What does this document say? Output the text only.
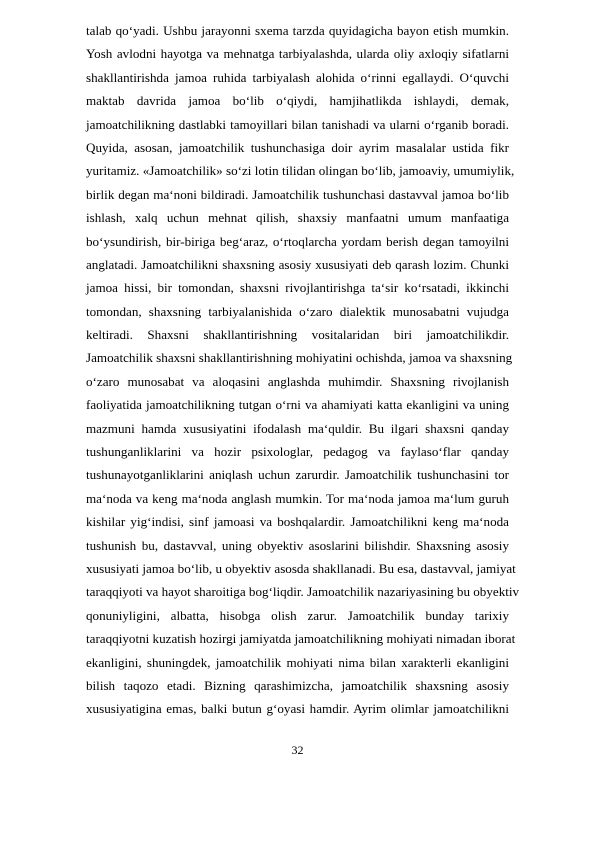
talab qo‘yadi. Ushbu jarayonni sxema tarzda quyidagicha bayon etish mumkin.
Yosh avlodni hayotga va mehnatga tarbiyalashda, ularda oliy axloqiy sifatlarni
shakllantirishda jamoa ruhida tarbiyalash alohida o‘rinni egallaydi. O‘quvchi
maktab davrida jamoa bo‘lib o‘qiydi, hamjihatlikda ishlaydi, demak,
jamoatchilikning dastlabki tamoyillari bilan tanishadi va ularni o‘rganib boradi.
Quyida, asosan, jamoatchilik tushunchasiga doir ayrim masalalar ustida fikr
yuritamiz. «Jamoatchilik» so‘zi lotin tilidan olingan bo‘lib, jamoaviy, umumiylik,
birlik degan ma‘noni bildiradi. Jamoatchilik tushunchasi dastavval jamoa bo‘lib
ishlash, xalq uchun mehnat qilish, shaxsiy manfaatni umum manfaatiga
bo‘ysundirish, bir-biriga beg‘araz, o‘rtoqlarcha yordam berish degan tamoyilni
anglatadi. Jamoatchilikni shaxsning asosiy xususiyati deb qarash lozim. Chunki
jamoa hissi, bir tomondan, shaxsni rivojlantirishga ta‘sir ko‘rsatadi, ikkinchi
tomondan, shaxsning tarbiyalanishida o‘zaro dialektik munosabatni vujudga
keltiradi. Shaxsni shakllantirishning vositalaridan biri jamoatchilikdir.
Jamoatchilik shaxsni shakllantirishning mohiyatini ochishda, jamoa va shaxsning
o‘zaro munosabat va aloqasini anglashda muhimdir. Shaxsning rivojlanish
faoliyatida jamoatchilikning tutgan o‘rni va ahamiyati katta ekanligini va uning
mazmuni hamda xususiyatini ifodalash ma‘quldir. Bu ilgari shaxsni qanday
tushunganliklarini va hozir psixologlar, pedagog va faylaso‘flar qanday
tushunayotganliklarini aniqlash uchun zarurdir. Jamoatchilik tushunchasini tor
ma‘noda va keng ma‘noda anglash mumkin. Tor ma‘noda jamoa ma‘lum guruh
kishilar yig‘indisi, sinf jamoasi va boshqalardir. Jamoatchilikni keng ma‘noda
tushunish bu, dastavval, uning obyektiv asoslarini bilishdir. Shaxsning asosiy
xususiyati jamoa bo‘lib, u obyektiv asosda shakllanadi. Bu esa, dastavval, jamiyat
taraqqiyoti va hayot sharoitiga bog‘liqdir. Jamoatchilik nazariyasining bu obyektiv
qonuniyligini, albatta, hisobga olish zarur. Jamoatchilik bunday tarixiy
taraqqiyotni kuzatish hozirgi jamiyatda jamoatchilikning mohiyati nimadan iborat
ekanligini, shuningdek, jamoatchilik mohiyati nima bilan xarakterli ekanligini
bilish taqozo etadi. Bizning qarashimizcha, jamoatchilik shaxsning asosiy
xususiyatigina emas, balki butun g‘oyasi hamdir. Ayrim olimlar jamoatchilikni
32
